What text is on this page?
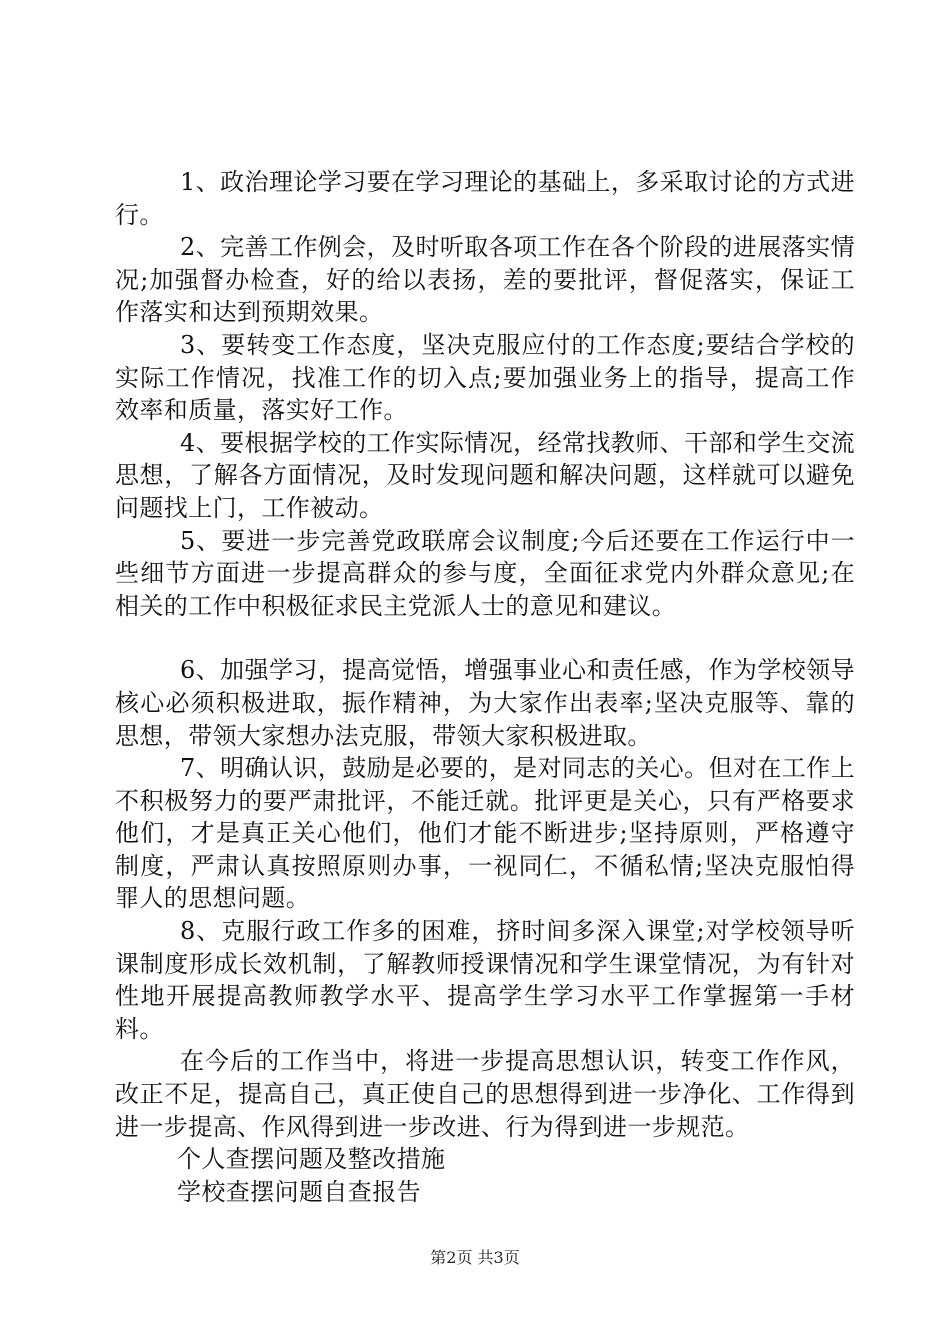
1、政治理论学习要在学习理论的基础上，多采取讨论的方式进行。

2、完善工作例会，及时听取各项工作在各个阶段的进展落实情况;加强督办检查，好的给以表扬，差的要批评，督促落实，保证工作落实和达到预期效果。

3、要转变工作态度，坚决克服应付的工作态度;要结合学校的实际工作情况，找准工作的切入点;要加强业务上的指导，提高工作效率和质量，落实好工作。

4、要根据学校的工作实际情况，经常找教师、干部和学生交流思想，了解各方面情况，及时发现问题和解决问题，这样就可以避免问题找上门，工作被动。

5、要进一步完善党政联席会议制度;今后还要在工作运行中一些细节方面进一步提高群众的参与度，全面征求党内外群众意见;在相关的工作中积极征求民主党派人士的意见和建议。

6、加强学习，提高觉悟，增强事业心和责任感，作为学校领导核心必须积极进取，振作精神，为大家作出表率;坚决克服等、靠的思想，带领大家想办法克服，带领大家积极进取。

7、明确认识，鼓励是必要的，是对同志的关心。但对在工作上不积极努力的要严肃批评，不能迁就。批评更是关心，只有严格要求他们，才是真正关心他们，他们才能不断进步;坚持原则，严格遵守制度，严肃认真按照原则办事，一视同仁，不循私情;坚决克服怕得罪人的思想问题。

8、克服行政工作多的困难，挤时间多深入课堂;对学校领导听课制度形成长效机制，了解教师授课情况和学生课堂情况，为有针对性地开展提高教师教学水平、提高学生学习水平工作掌握第一手材料。

在今后的工作当中，将进一步提高思想认识，转变工作作风，改正不足，提高自己，真正使自己的思想得到进一步净化、工作得到进一步提高、作风得到进一步改进、行为得到进一步规范。

个人查摆问题及整改措施

学校查摆问题自查报告

第2页 共3页
